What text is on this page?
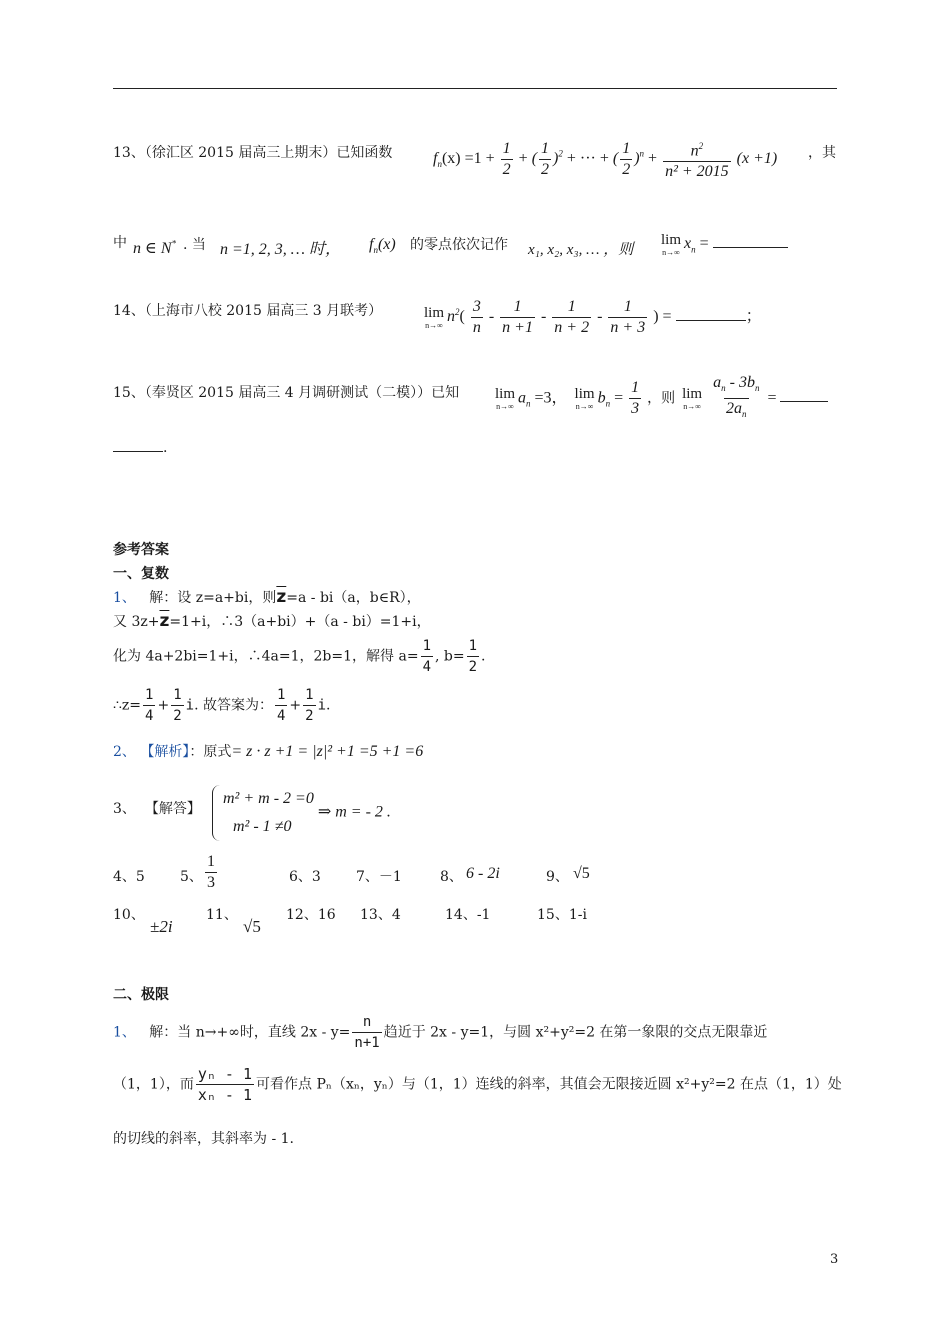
13、（徐汇区 2015 届高三上期末）已知函数	$f_n(x) =1 + \frac{1}{2}$ + ( $\frac{1}{2} )^2$ + ··· + ( $\frac{1}{2} )^n + \frac{n^2}{\text{n² + 2015}} (x +1)$ ，其
中 n ∈ N* . 当 n =1, 2, 3, … 时， $f_n(x)$ 的零点依次记作 x₁, x₂, x₃, … ，则
lim
n→∞
$x_n$ =
14、（上海市八校 2015 届高三 3 月联考）	lim
n→∞
$n^2( \frac{3}{n} - \frac{1}{n +1} - \frac{1}{n + 2} - \frac{1}{n + 3}$ ) =	；
15、（奉贤区 2015 届高三 4 月调研测试（二模））已知 lim
n→∞
$a_n =3$， lim
n→∞
$b_n = \frac{1}{3}$ ，则 lim
n→∞
$\frac{a_n - 3b_n}{2a_n}$ =
.
参考答案
一、复数
1、 解：设 z=a+bi，则$\overline{z}=a - bi(a$，b∈R），
又 $3z+\overline{z}=1+i$，∴3（a+bi）+（a - bi）=1+i，
化为 4a+2bi=1+i，∴4a=1，2b=1，解得 $a= \frac{1}{4}$ , $b= \frac{1}{2}$ .
∴z= $\frac{1}{4} + \frac{1}{2} i$. 故答案为： $\frac{1}{4} + \frac{1}{2} i$.
2、 【解析】：原式= z · z +1 = |z|² +1 =5 +1 =6
3、 【解答】
m² + m - 2 =0
m² - 1 ≠0
⇒ m = - 2 .
4、5	5、 $\frac{1}{3}$	6、3	7、－1	8、 6 - 2i	9、 √5
10、
±2i
11、
√5
12、16 13、4	14、-1	15、1-i
二、极限
1、 解：当 n→+∞时，直线 $2x - y= \frac{n}{n+1}$ 趋近于 2x - y=1，与圆 x²+y²=2 在第一象限的交点无限靠近
（1，1），而 $\frac{\text{yₙ - 1}}{\text{xₙ - 1}}$ 可看作点 Pₙ（xₙ，yₙ）与（1，1）连线的斜率，其值会无限接近圆 x²+y²=2 在点（1，1）处
的切线的斜率，其斜率为 - 1.
3
